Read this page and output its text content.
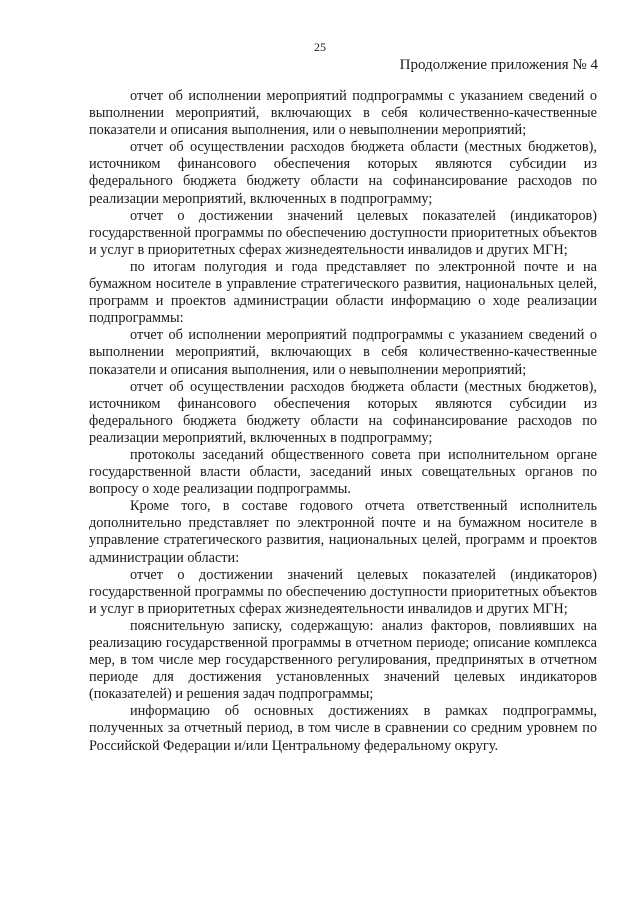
25
Продолжение приложения № 4

отчет об исполнении мероприятий подпрограммы с указанием сведений о выполнении мероприятий, включающих в себя количественно-качественные показатели и описания выполнения, или о невыполнении мероприятий;

отчет об осуществлении расходов бюджета области (местных бюджетов), источником финансового обеспечения которых являются субсидии из федерального бюджета бюджету области на софинансирование расходов по реализации мероприятий, включенных в подпрограмму;

отчет о достижении значений целевых показателей (индикаторов) государственной программы по обеспечению доступности приоритетных объектов и услуг в приоритетных сферах жизнедеятельности инвалидов и других МГН;

по итогам полугодия и года представляет по электронной почте и на бумажном носителе в управление стратегического развития, национальных целей, программ и проектов администрации области информацию о ходе реализации подпрограммы:

отчет об исполнении мероприятий подпрограммы с указанием сведений о выполнении мероприятий, включающих в себя количественно-качественные показатели и описания выполнения, или о невыполнении мероприятий;

отчет об осуществлении расходов бюджета области (местных бюджетов), источником финансового обеспечения которых являются субсидии из федерального бюджета бюджету области на софинансирование расходов по реализации мероприятий, включенных в подпрограмму;

протоколы заседаний общественного совета при исполнительном органе государственной власти области, заседаний иных совещательных органов по вопросу о ходе реализации подпрограммы.

Кроме того, в составе годового отчета ответственный исполнитель дополнительно представляет по электронной почте и на бумажном носителе в управление стратегического развития, национальных целей, программ и проектов администрации области:

отчет о достижении значений целевых показателей (индикаторов) государственной программы по обеспечению доступности приоритетных объектов и услуг в приоритетных сферах жизнедеятельности инвалидов и других МГН;

пояснительную записку, содержащую: анализ факторов, повлиявших на реализацию государственной программы в отчетном периоде; описание комплекса мер, в том числе мер государственного регулирования, предпринятых в отчетном периоде для достижения установленных значений целевых индикаторов (показателей) и решения задач подпрограммы;

информацию об основных достижениях в рамках подпрограммы, полученных за отчетный период, в том числе в сравнении со средним уровнем по Российской Федерации и/или Центральному федеральному округу.
